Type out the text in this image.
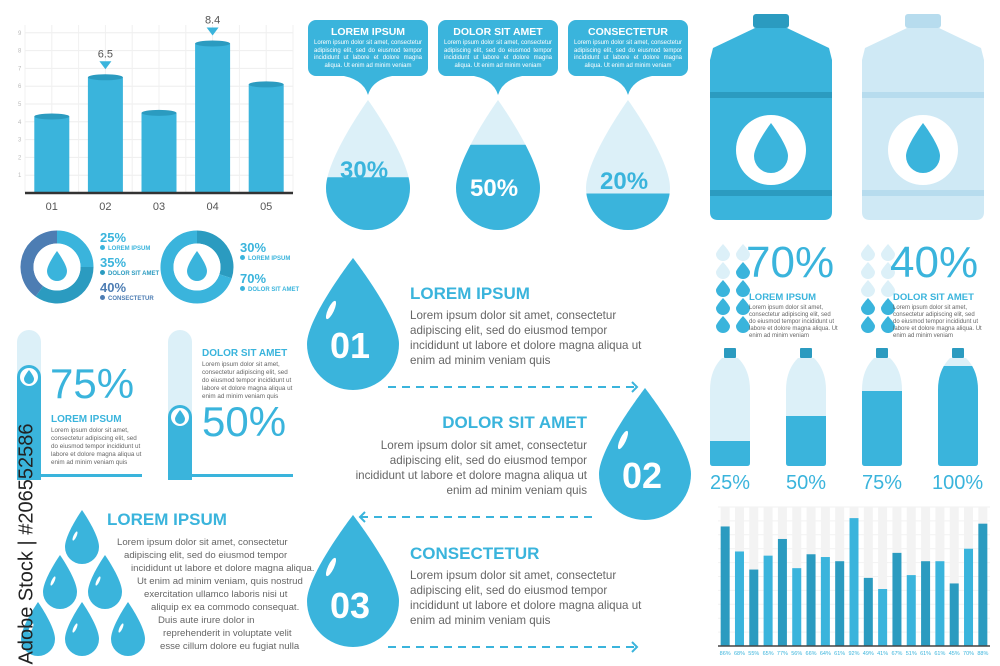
1
2
3
4
5
6
7
8
9
01	02
6.5
03	04
8.4
05
25%
LOREM IPSUM
35%
DOLOR SIT AMET
40%
CONSECTETUR
30%
LOREM IPSUM
70%
DOLOR SIT AMET
75%
LOREM IPSUM
Lorem ipsum dolor sit amet, consectetur adipiscing elit, sed do eiusmod tempor incididunt ut labore et dolore magna aliqua ut enim ad minim veniam quis
DOLOR SIT AMET
Lorem ipsum dolor sit amet, consectetur adipiscing elit, sed do eiusmod tempor incididunt ut labore et dolore magna aliqua ut enim ad minim veniam quis
50%
LOREM IPSUM
Lorem ipsum dolor sit amet, consectetur
adipiscing elit, sed do eiusmod tempor
incididunt ut labore et dolore magna aliqua.
Ut enim ad minim veniam, quis nostrud
exercitation ullamco laboris nisi ut
aliquip ex ea commodo consequat.
Duis aute irure dolor in
reprehenderit in voluptate velit
esse cillum dolore eu fugiat nulla
Adobe Stock | #206552586
LOREM IPSUM
Lorem ipsum dolor sit amet, consectetur adipiscing elit, sed do eiusmod tempor incididunt ut labore et dolore magna aliqua. Ut enim ad minim veniam
DOLOR SIT AMET
Lorem ipsum dolor sit amet, consectetur adipiscing elit, sed do eiusmod tempor incididunt ut labore et dolore magna aliqua. Ut enim ad minim veniam
CONSECTETUR
Lorem ipsum dolor sit amet, consectetur adipiscing elit, sed do eiusmod tempor incididunt ut labore et dolore magna aliqua. Ut enim ad minim veniam
30%
50%	20%
LOREM IPSUM
Lorem ipsum dolor sit amet, consectetur adipiscing elit, sed do eiusmod tempor incididunt ut labore et dolore magna aliqua ut enim ad minim veniam quis
DOLOR SIT AMET
Lorem ipsum dolor sit amet, consectetur adipiscing elit, sed do eiusmod tempor incididunt ut labore et dolore magna aliqua ut enim ad minim veniam quis
CONSECTETUR
Lorem ipsum dolor sit amet, consectetur adipiscing elit, sed do eiusmod tempor incididunt ut labore et dolore magna aliqua ut enim ad minim veniam quis
01
02
03
86% 68% 55% 65% 77% 56% 66% 64% 61% 92% 49% 41% 67% 51% 61% 61% 45% 70% 88%
70%
LOREM IPSUM
Lorem ipsum dolor sit amet, consectetur adipiscing elit, sed do eiusmod tempor incididunt ut labore et dolore magna aliqua. Ut enim ad minim veniam
40%
DOLOR SIT AMET
Lorem ipsum dolor sit amet, consectetur adipiscing elit, sed do eiusmod tempor incididunt ut labore et dolore magna aliqua. Ut enim ad minim veniam
25% 50% 75% 100%
